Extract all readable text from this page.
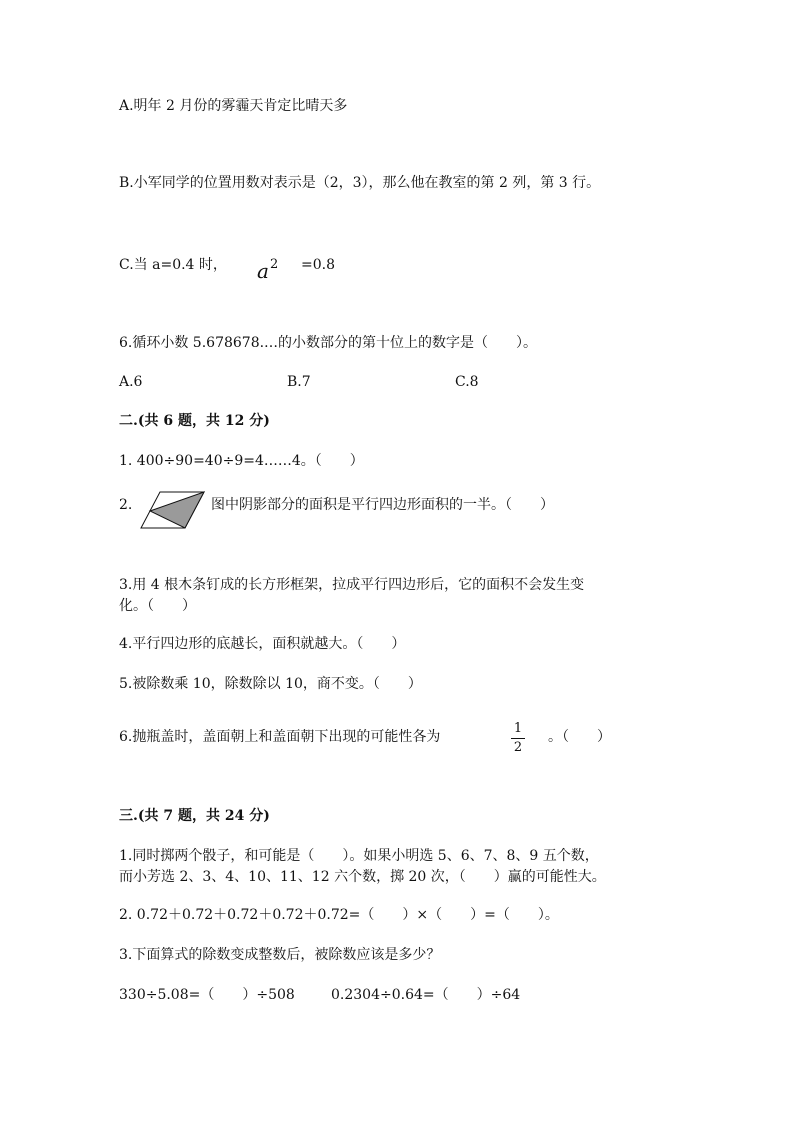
A.明年 2 月份的雾霾天肯定比晴天多
B.小军同学的位置用数对表示是（2，3），那么他在教室的第 2 列，第 3 行。
C.当 a=0.4 时， $a^2 =0.8$
6.循环小数 5.678678.…的小数部分的第十位上的数字是（　　）。
A.6	B.7	C.8
二.(共 6 题，共 12 分)
1. 400÷90=40÷9=4……4。（　　）
2.	图中阴影部分的面积是平行四边形面积的一半。（　　）
3.用 4 根木条钉成的长方形框架，拉成平行四边形后，它的面积不会发生变
化。（　　）
4.平行四边形的底越长，面积就越大。（　　）
5.被除数乘 10，除数除以 10，商不变。（　　）
6.抛瓶盖时，盖面朝上和盖面朝下出现的可能性各为
1
2
。（　　）
三.(共 7 题，共 24 分)
1.同时掷两个骰子，和可能是（　　）。如果小明选 5、6、7、8、9 五个数，
而小芳选 2、3、4、10、11、12 六个数，掷 20 次，（　　）赢的可能性大。
2. 0.72＋0.72＋0.72＋0.72＋0.72=（　　）×（　　）=（　　）。
3.下面算式的除数变成整数后，被除数应该是多少？
330÷5.08=（　　）÷508	0.2304÷0.64=（　　）÷64
